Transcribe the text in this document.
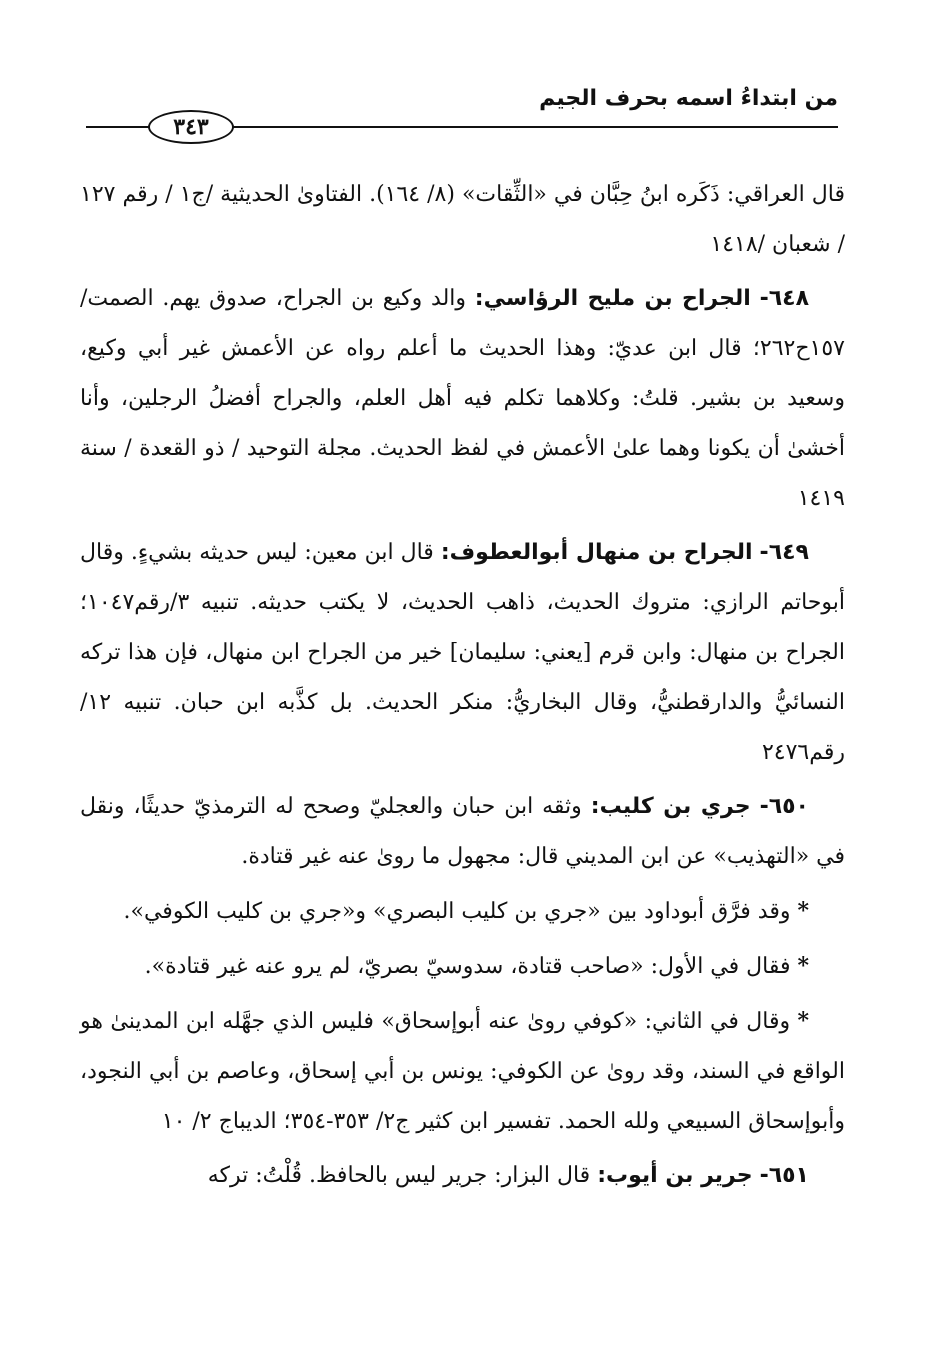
من ابتداءُ اسمه بحرف الجيم
٣٤٣

قال العراقي: ذَكَره ابنُ حِبَّان في «الثِّقات» (٨/ ١٦٤). الفتاوىٰ الحديثية /ج١ / رقم ١٢٧ / شعبان /١٤١٨

٦٤٨- الجراح بن مليح الرؤاسي: والد وكيع بن الجراح، صدوق يهم. الصمت/١٥٧ح٢٦٢؛ قال ابن عديّ: وهذا الحديث ما أعلم رواه عن الأعمش غير أبي وكيع، وسعيد بن بشير. قلتُ: وكلاهما تكلم فيه أهل العلم، والجراح أفضلُ الرجلين، وأنا أخشىٰ أن يكونا وهما علىٰ الأعمش في لفظ الحديث. مجلة التوحيد / ذو القعدة / سنة ١٤١٩

٦٤٩- الجراح بن منهال أبوالعطوف: قال ابن معين: ليس حديثه بشيءٍ. وقال أبوحاتم الرازي: متروك الحديث، ذاهب الحديث، لا يكتب حديثه. تنبيه ٣/رقم١٠٤٧؛ الجراح بن منهال: وابن قرم [يعني: سليمان] خير من الجراح ابن منهال، فإن هذا تركه النسائيُّ والدارقطنيُّ، وقال البخاريُّ: منكر الحديث. بل كذَّبه ابن حبان. تنبيه ١٢/رقم٢٤٧٦

٦٥٠- جري بن كليب: وثقه ابن حبان والعجليّ وصحح له الترمذيّ حديثًا، ونقل في «التهذيب» عن ابن المديني قال: مجهول ما روىٰ عنه غير قتادة.

* وقد فرَّق أبوداود بين «جري بن كليب البصري» و«جري بن كليب الكوفي».

* فقال في الأول: «صاحب قتادة، سدوسيّ بصريّ، لم يرو عنه غير قتادة».

* وقال في الثاني: «كوفي روىٰ عنه أبوإسحاق» فليس الذي جهَّله ابن المدينىٰ هو الواقع في السند، وقد روىٰ عن الكوفي: يونس بن أبي إسحاق، وعاصم بن أبي النجود، وأبوإسحاق السبيعي ولله الحمد. تفسير ابن كثير ج٢/ ٣٥٣-٣٥٤؛ الديباج ٢/ ١٠

٦٥١- جرير بن أيوب: قال البزار: جرير ليس بالحافظ. قُلْتُ: تركه
